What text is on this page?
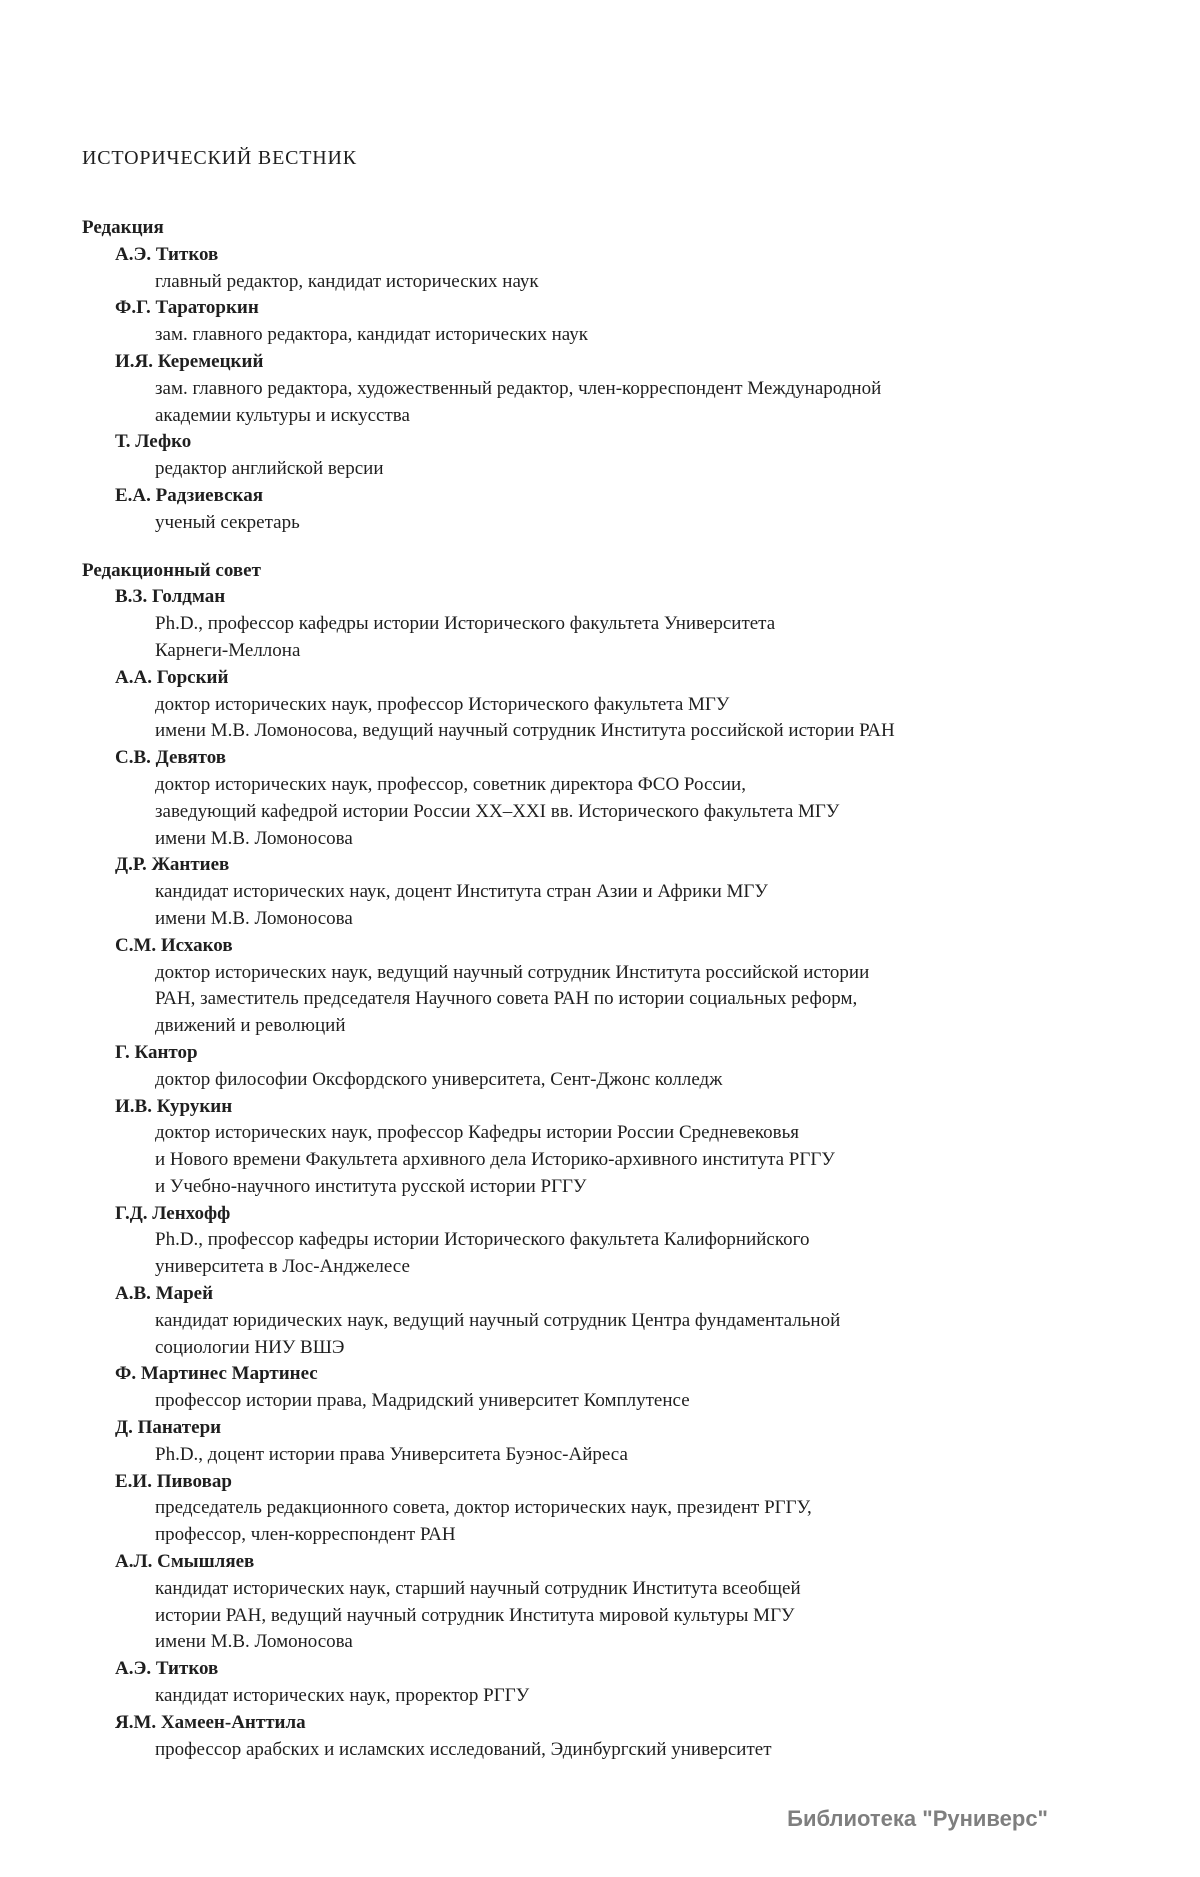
ИСТОРИЧЕСКИЙ ВЕСТНИК
Редакция
А.Э. Титков
главный редактор, кандидат исторических наук
Ф.Г. Тараторкин
зам. главного редактора, кандидат исторических наук
И.Я. Керемецкий
зам. главного редактора, художественный редактор, член-корреспондент Международной
академии культуры и искусства
Т. Лефко
редактор английской версии
Е.А. Радзиевская
ученый секретарь
Редакционный совет
В.З. Голдман
Ph.D., профессор кафедры истории Исторического факультета Университета
Карнеги-Меллона
А.А. Горский
доктор исторических наук, профессор Исторического факультета МГУ
имени М.В. Ломоносова, ведущий научный сотрудник Института российской истории РАН
С.В. Девятов
доктор исторических наук, профессор, советник директора ФСО России,
заведующий кафедрой истории России XX–XXI вв. Исторического факультета МГУ
имени М.В. Ломоносова
Д.Р. Жантиев
кандидат исторических наук, доцент Института стран Азии и Африки МГУ
имени М.В. Ломоносова
С.М. Исхаков
доктор исторических наук, ведущий научный сотрудник Института российской истории
РАН, заместитель председателя Научного совета РАН по истории социальных реформ,
движений и революций
Г. Кантор
доктор философии Оксфордского университета, Сент-Джонс колледж
И.В. Курукин
доктор исторических наук, профессор Кафедры истории России Средневековья
и Нового времени Факультета архивного дела Историко-архивного института РГГУ
и Учебно-научного института русской истории РГГУ
Г.Д. Ленхофф
Ph.D., профессор кафедры истории Исторического факультета Калифорнийского
университета в Лос-Анджелесе
А.В. Марей
кандидат юридических наук, ведущий научный сотрудник Центра фундаментальной
социологии НИУ ВШЭ
Ф. Мартинес Мартинес
профессор истории права, Мадридский университет Комплутенсе
Д. Панатери
Ph.D., доцент истории права Университета Буэнос-Айреса
Е.И. Пивовар
председатель редакционного совета, доктор исторических наук, президент РГГУ,
профессор, член-корреспондент РАН
А.Л. Смышляев
кандидат исторических наук, старший научный сотрудник Института всеобщей
истории РАН, ведущий научный сотрудник Института мировой культуры МГУ
имени М.В. Ломоносова
А.Э. Титков
кандидат исторических наук, проректор РГГУ
Я.М. Хамеен-Анттила
профессор арабских и исламских исследований, Эдинбургский университет
Библиотека "Руниверс"
